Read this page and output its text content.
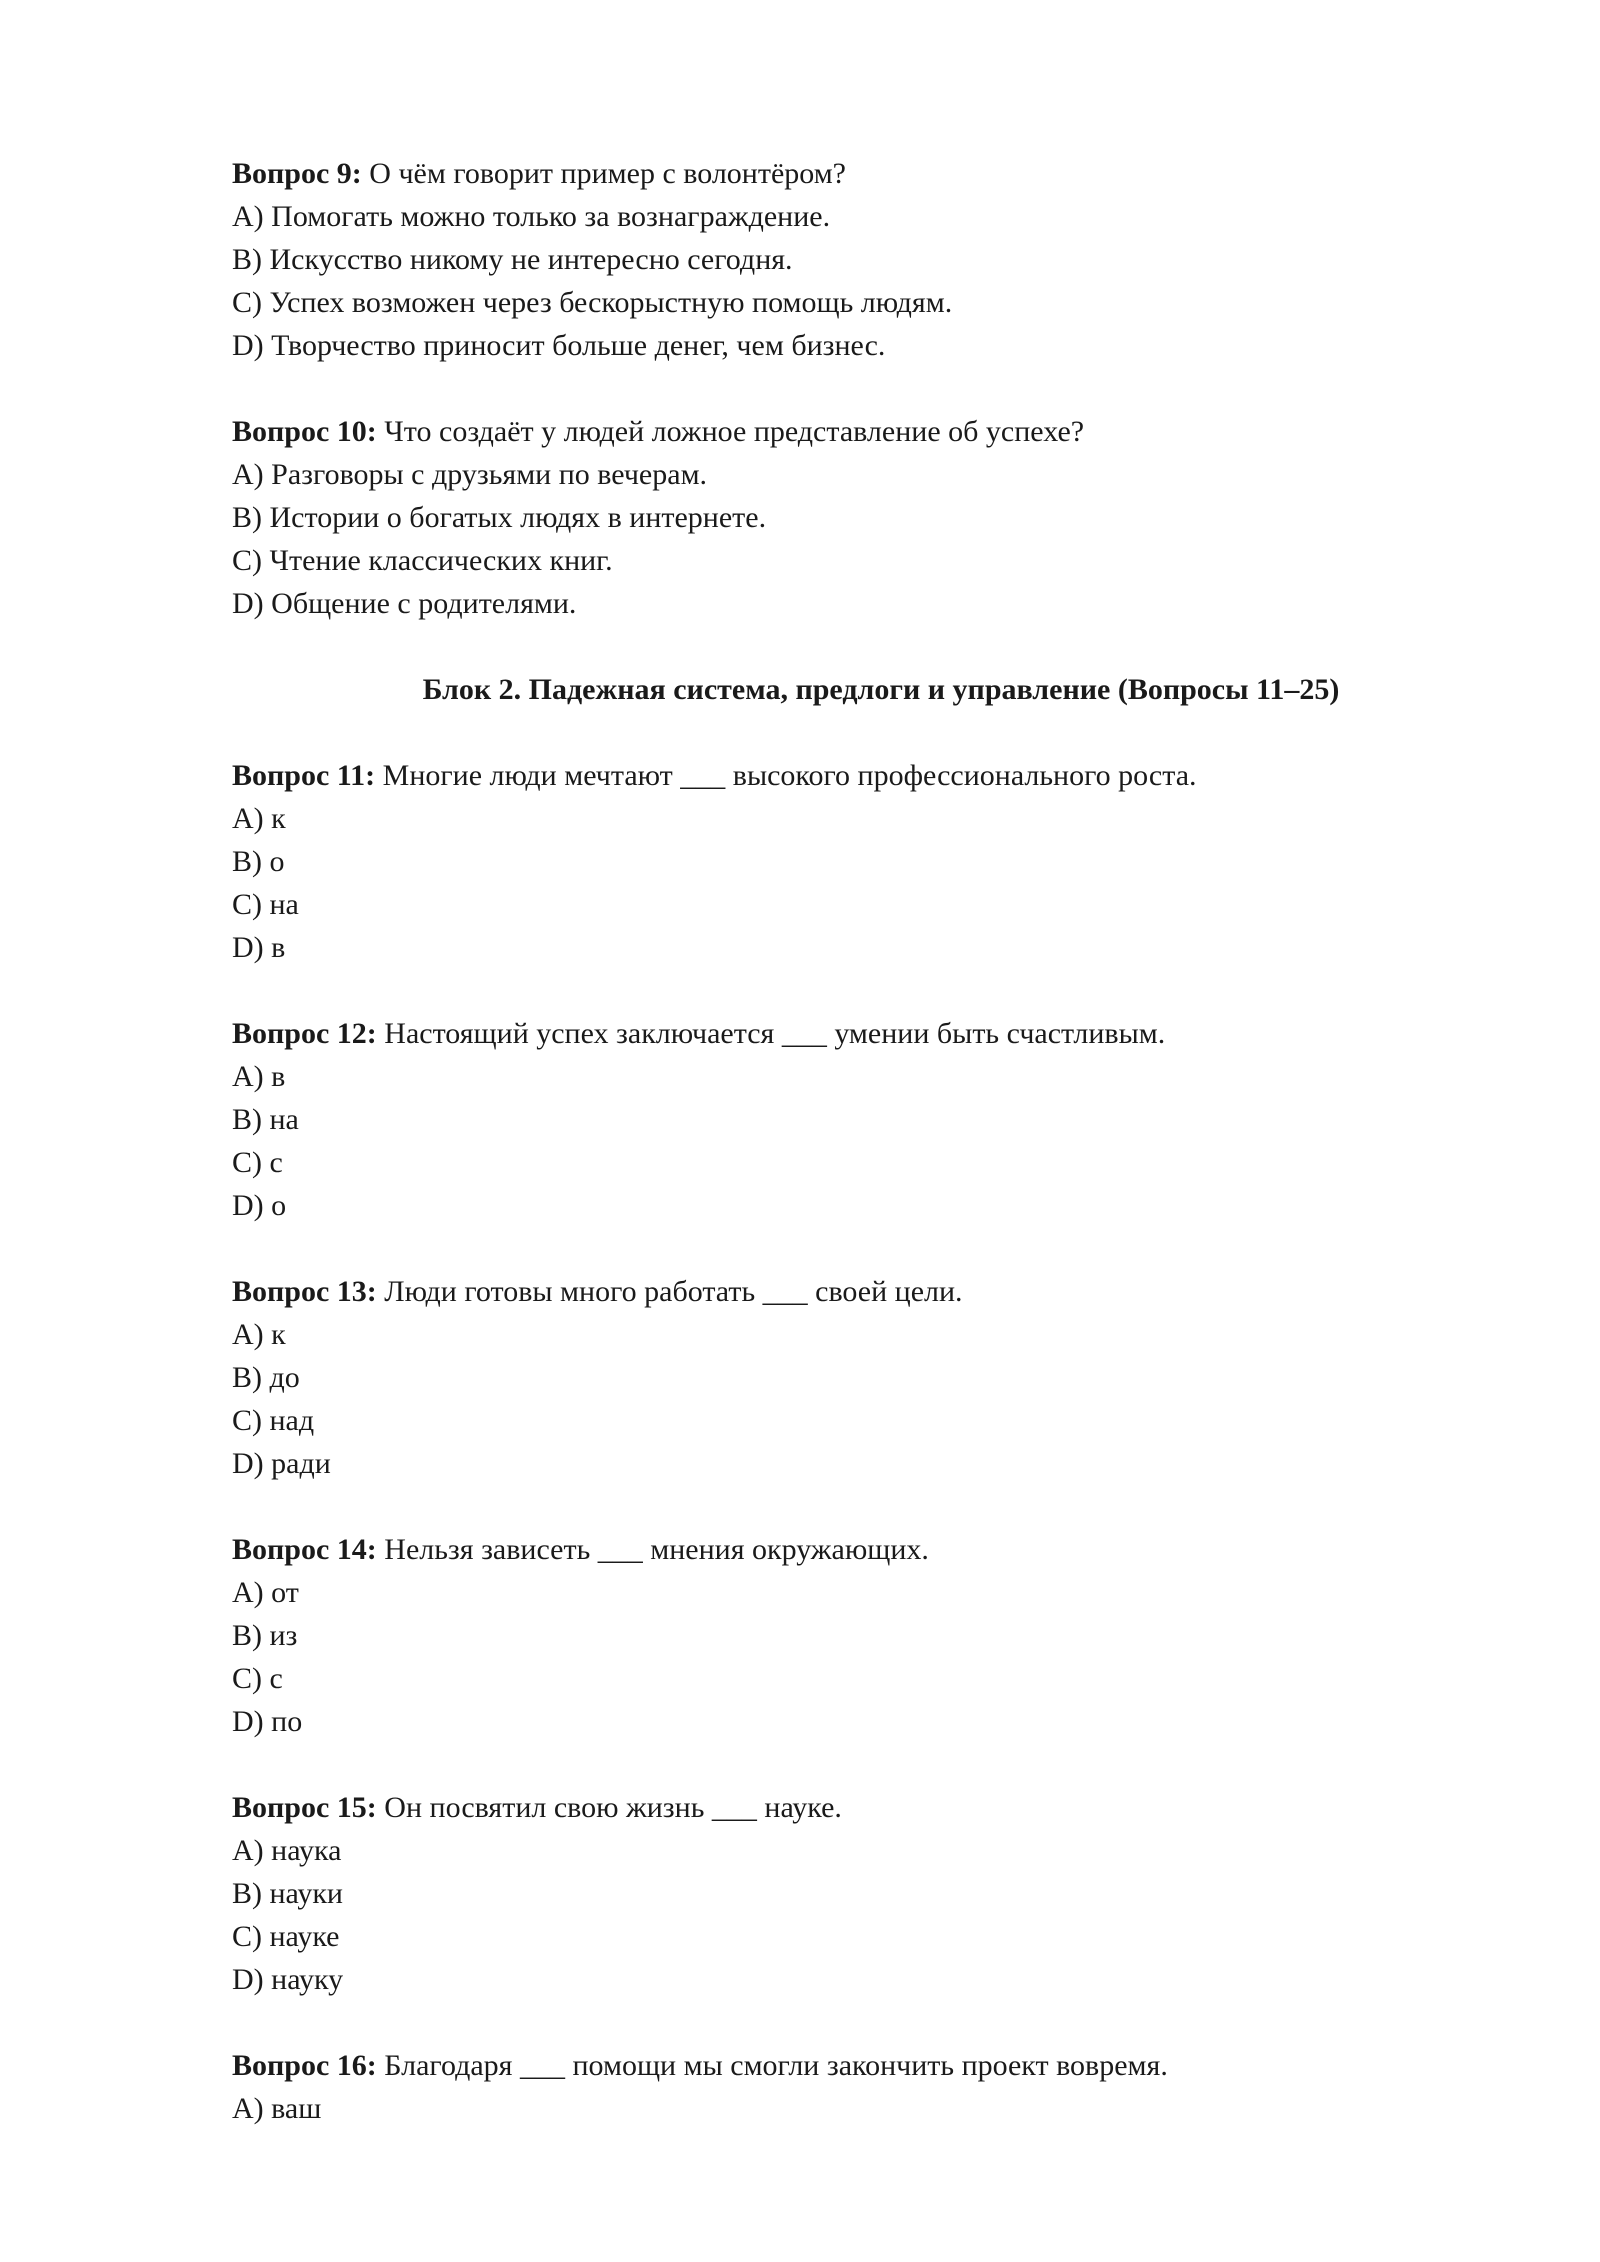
Вопрос 9: О чём говорит пример с волонтёром?
A) Помогать можно только за вознаграждение.
B) Искусство никому не интересно сегодня.
C) Успех возможен через бескорыстную помощь людям.
D) Творчество приносит больше денег, чем бизнес.
Вопрос 10: Что создаёт у людей ложное представление об успехе?
A) Разговоры с друзьями по вечерам.
B) Истории о богатых людях в интернете.
C) Чтение классических книг.
D) Общение с родителями.
Блок 2. Падежная система, предлоги и управление (Вопросы 11–25)
Вопрос 11: Многие люди мечтают ___ высокого профессионального роста.
A) к
B) о
C) на
D) в
Вопрос 12: Настоящий успех заключается ___ умении быть счастливым.
A) в
B) на
C) с
D) о
Вопрос 13: Люди готовы много работать ___ своей цели.
A) к
B) до
C) над
D) ради
Вопрос 14: Нельзя зависеть ___ мнения окружающих.
A) от
B) из
C) с
D) по
Вопрос 15: Он посвятил свою жизнь ___ науке.
A) наука
B) науки
C) науке
D) науку
Вопрос 16: Благодаря ___ помощи мы смогли закончить проект вовремя.
A) ваш
